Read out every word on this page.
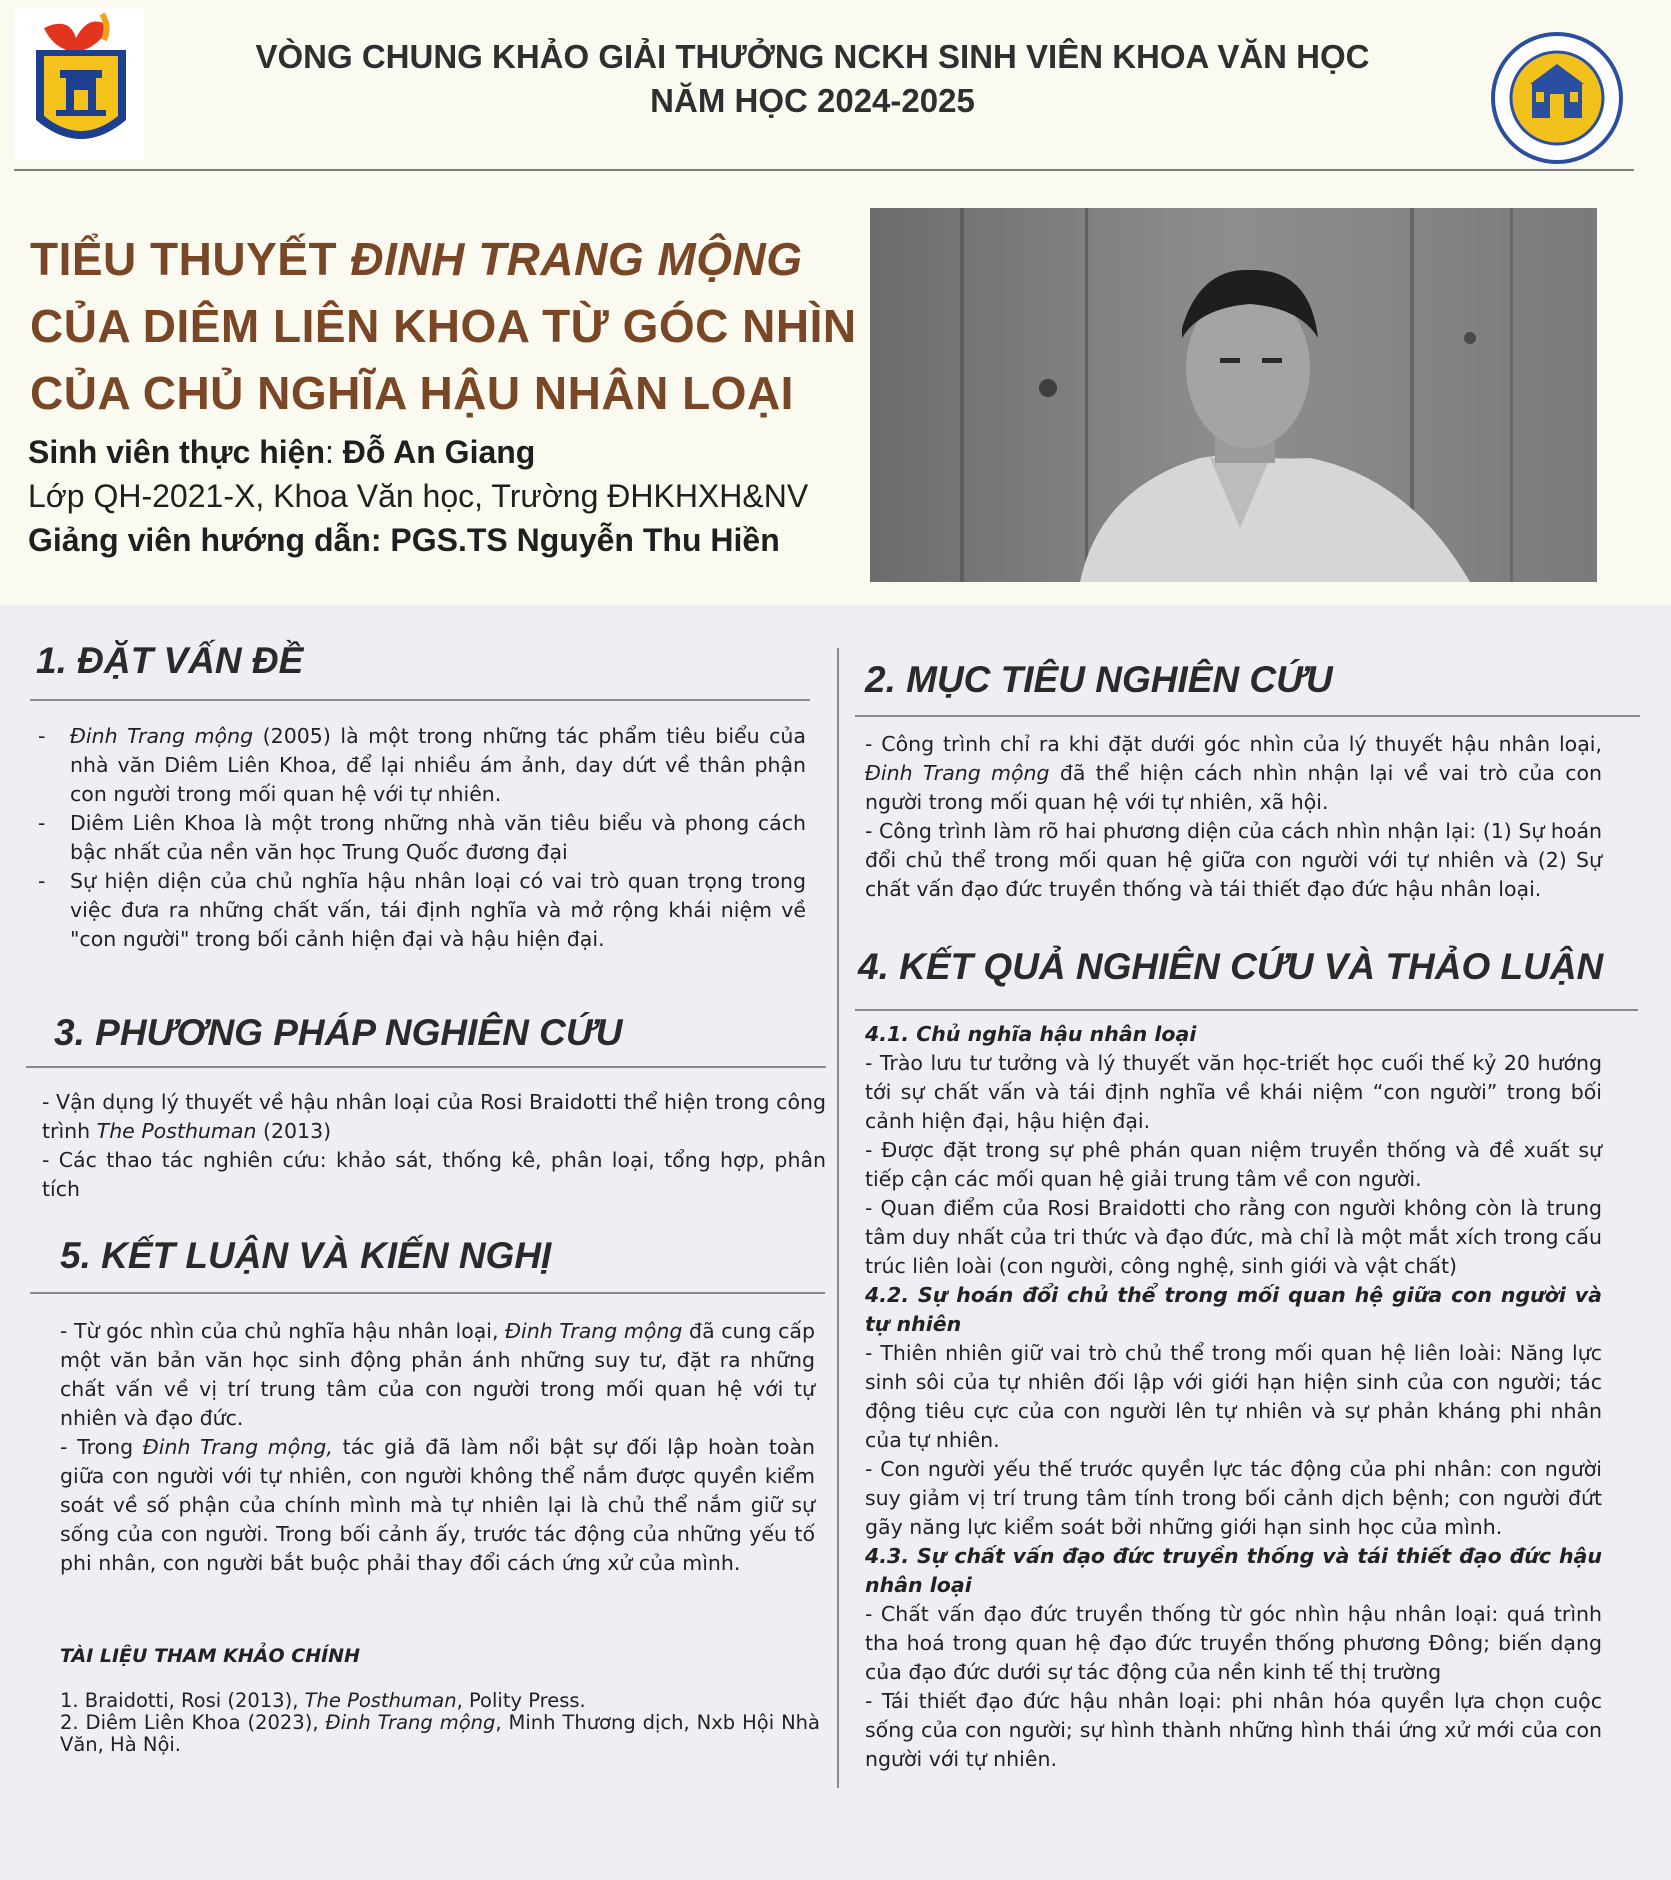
VÒNG CHUNG KHẢO GIẢI THƯỞNG NCKH SINH VIÊN KHOA VĂN HỌC
NĂM HỌC 2024-2025
TIỂU THUYẾT ĐINH TRANG MỘNG
CỦA DIÊM LIÊN KHOA TỪ GÓC NHÌN
CỦA CHỦ NGHĨA HẬU NHÂN LOẠI
Sinh viên thực hiện: Đỗ An Giang
Lớp QH-2021-X, Khoa Văn học, Trường ĐHKHXH&NV
Giảng viên hướng dẫn: PGS.TS Nguyễn Thu Hiền
1. ĐẶT VẤN ĐỀ
- Đinh Trang mộng (2005) là một trong những tác phẩm tiêu biểu của nhà văn Diêm Liên Khoa, để lại nhiều ám ảnh, day dứt về thân phận con người trong mối quan hệ với tự nhiên.
- Diêm Liên Khoa là một trong những nhà văn tiêu biểu và phong cách bậc nhất của nền văn học Trung Quốc đương đại
- Sự hiện diện của chủ nghĩa hậu nhân loại có vai trò quan trọng trong việc đưa ra những chất vấn, tái định nghĩa và mở rộng khái niệm về "con người" trong bối cảnh hiện đại và hậu hiện đại.
3. PHƯƠNG PHÁP NGHIÊN CỨU
- Vận dụng lý thuyết về hậu nhân loại của Rosi Braidotti thể hiện trong công trình The Posthuman (2013)
- Các thao tác nghiên cứu: khảo sát, thống kê, phân loại, tổng hợp, phân tích
5. KẾT LUẬN VÀ KIẾN NGHỊ
- Từ góc nhìn của chủ nghĩa hậu nhân loại, Đinh Trang mộng đã cung cấp một văn bản văn học sinh động phản ánh những suy tư, đặt ra những chất vấn về vị trí trung tâm của con người trong mối quan hệ với tự nhiên và đạo đức.
- Trong Đinh Trang mộng, tác giả đã làm nổi bật sự đối lập hoàn toàn giữa con người với tự nhiên, con người không thể nắm được quyền kiểm soát về số phận của chính mình mà tự nhiên lại là chủ thể nắm giữ sự sống của con người. Trong bối cảnh ấy, trước tác động của những yếu tố phi nhân, con người bắt buộc phải thay đổi cách ứng xử của mình.
TÀI LIỆU THAM KHẢO CHÍNH
1. Braidotti, Rosi (2013), The Posthuman, Polity Press.
2. Diêm Liên Khoa (2023), Đinh Trang mộng, Minh Thương dịch, Nxb Hội Nhà Văn, Hà Nội.
2. MỤC TIÊU NGHIÊN CỨU
- Công trình chỉ ra khi đặt dưới góc nhìn của lý thuyết hậu nhân loại, Đinh Trang mộng đã thể hiện cách nhìn nhận lại về vai trò của con người trong mối quan hệ với tự nhiên, xã hội.
- Công trình làm rõ hai phương diện của cách nhìn nhận lại: (1) Sự hoán đổi chủ thể trong mối quan hệ giữa con người với tự nhiên và (2) Sự chất vấn đạo đức truyền thống và tái thiết đạo đức hậu nhân loại.
4. KẾT QUẢ NGHIÊN CỨU VÀ THẢO LUẬN
4.1. Chủ nghĩa hậu nhân loại
- Trào lưu tư tưởng và lý thuyết văn học-triết học cuối thế kỷ 20 hướng tới sự chất vấn và tái định nghĩa về khái niệm “con người” trong bối cảnh hiện đại, hậu hiện đại.
- Được đặt trong sự phê phán quan niệm truyền thống và đề xuất sự tiếp cận các mối quan hệ giải trung tâm về con người.
- Quan điểm của Rosi Braidotti cho rằng con người không còn là trung tâm duy nhất của tri thức và đạo đức, mà chỉ là một mắt xích trong cấu trúc liên loài (con người, công nghệ, sinh giới và vật chất)
4.2. Sự hoán đổi chủ thể trong mối quan hệ giữa con người và tự nhiên
- Thiên nhiên giữ vai trò chủ thể trong mối quan hệ liên loài: Năng lực sinh sôi của tự nhiên đối lập với giới hạn hiện sinh của con người; tác động tiêu cực của con người lên tự nhiên và sự phản kháng phi nhân của tự nhiên.
- Con người yếu thế trước quyền lực tác động của phi nhân: con người suy giảm vị trí trung tâm tính trong bối cảnh dịch bệnh; con người đứt gãy năng lực kiểm soát bởi những giới hạn sinh học của mình.
4.3. Sự chất vấn đạo đức truyền thống và tái thiết đạo đức hậu nhân loại
- Chất vấn đạo đức truyền thống từ góc nhìn hậu nhân loại: quá trình tha hoá trong quan hệ đạo đức truyền thống phương Đông; biến dạng của đạo đức dưới sự tác động của nền kinh tế thị trường
- Tái thiết đạo đức hậu nhân loại: phi nhân hóa quyền lựa chọn cuộc sống của con người; sự hình thành những hình thái ứng xử mới của con người với tự nhiên.
